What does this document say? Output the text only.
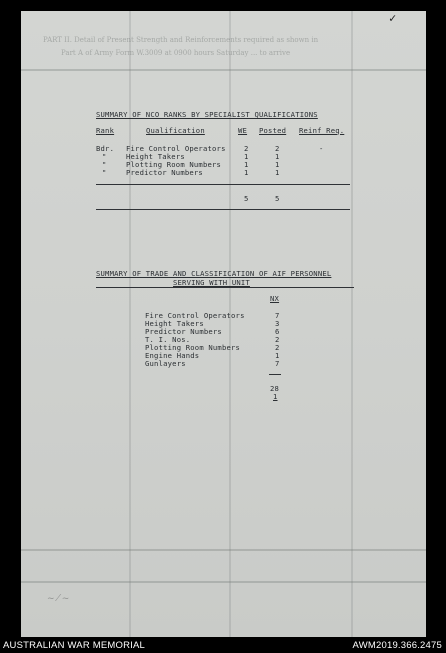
PART II. Detail of Present Strength and Reinforcements required as shown in
Part A of Army Form W.3009 at 0900 hours Saturday ... to arrive
✓
SUMMARY OF NCO RANKS BY SPECIALIST QUALIFICATIONS
Rank	Qualification	WE Posted Reinf Req.
Bdr. Fire Control Operators	2	2	-
"	Height Takers	1	1
"	Plotting Room Numbers	1	1
"	Predictor Numbers	1	1
5	5
SUMMARY OF TRADE AND CLASSIFICATION OF AIF PERSONNEL
SERVING WITH UNIT
NX
Fire Control Operators	7
Height Takers	3
Predictor Numbers	6
T. I. Nos.	2
Plotting Room Numbers	2
Engine Hands	1
Gunlayers	7
28
1
~ ⁄ ~
AUSTRALIAN WAR MEMORIAL	AWM2019.366.2475
